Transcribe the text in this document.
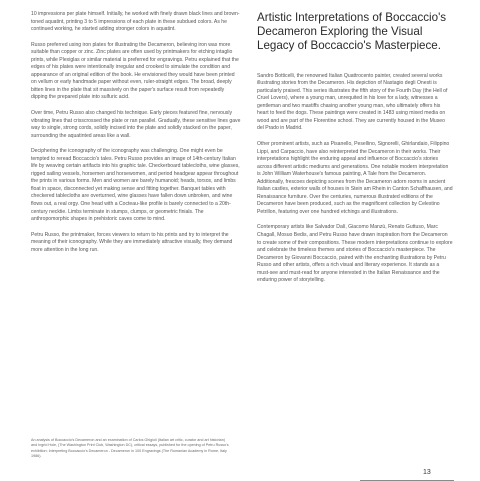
10 impressions per plate himself. Initially, he worked with finely drawn black lines and brown-toned aquatint, printing 3 to 5 impressions of each plate in these subdued colors. As he continued working, he started adding stronger colors in aquatint.

Russo preferred using iron plates for illustrating the Decameron, believing iron was more suitable than copper or zinc. Zinc plates are often used by printmakers for etching intaglio prints, while Plexiglas or similar material is preferred for engravings. Petru explained that the edges of his plates were intentionally irregular and crooked to simulate the condition and appearance of an original edition of the book. He envisioned they would have been printed on vellum or early handmade paper without even, ruler-straight edges. The broad, deeply bitten lines in the plate that sit massively on the paper's surface result from repeatedly dipping the prepared plate into sulfuric acid.

Over time, Petru Russo also changed his technique. Early pieces featured fine, nervously vibrating lines that crisscrossed the plate or ran parallel. Gradually, these sensitive lines gave way to single, strong cords, solidly incised into the plate and solidly stacked on the paper, surrounding the aquatinted areas like a wall.

Deciphering the iconography of the iconography was challenging. One might even be tempted to reread Boccaccio's tales. Petru Russo provides an image of 14th-century Italian life by weaving certain artifacts into his graphic tale. Checkerboard tablecloths, wine glasses, rigged sailing vessels, horsemen and horsewomen, and period headgear appear throughout the prints in various forms. Men and women are barely humanoid; heads, torsos, and limbs float in space, disconnected yet making sense and fitting together. Banquet tables with checkered tablecloths are overturned, wine glasses have fallen down unbroken, and wine flows out, a real orgy. One head with a Cocteau-like profile is barely connected to a 20th-century necktie. Limbs terminate in stumps, clumps, or geometric finials. The anthropomorphic shapes in prehistoric caves come to mind.

Petru Russo, the printmaker, forces viewers to return to his prints and try to interpret the meaning of their iconography. While they are immediately attractive visually, they demand more attention in the long run.

An analysis of Boccaccio's Decameron and an examination of Carlos Ghigioli (Italian art critic, curator and art historian) and Ingrid Hole, (The Washington Print Club, Washington DC), critical essays, published for the opening of Petru Russo's exhibition: Interpreting Boccaccio's Decameron - Decameron in 100 Engravings (The Romanian Academy in Rome, Italy 1986).

Artistic Interpretations of Boccaccio's Decameron Exploring the Visual Legacy of Boccaccio's Masterpiece.

Sandro Botticelli, the renowned Italian Quattrocento painter, created several works illustrating stories from the Decameron. His depiction of Nastagio degli Onesti is particularly praised. This series illustrates the fifth story of the Fourth Day (the Hell of Cruel Lovers), where a young man, unrequited in his love for a lady, witnesses a gentleman and two mastiffs chasing another young man, who ultimately offers his heart to feed the dogs. These paintings were created in 1483 using mixed media on wood and are part of the Florentine school. They are currently housed in the Museo del Prado in Madrid.

Other prominent artists, such as Pisanello, Pesellino, Signorelli, Ghirlandaio, Filippino Lippi, and Carpaccio, have also reinterpreted the Decameron in their works. Their interpretations highlight the enduring appeal and influence of Boccaccio's stories across different artistic mediums and generations. One notable modern interpretation is John William Waterhouse's famous painting, A Tale from the Decameron. Additionally, frescoes depicting scenes from the Decameron adorn rooms in ancient Italian castles, exterior walls of houses in Stein am Rhein in Canton Schaffhausen, and Renaissance furniture. Over the centuries, numerous illustrated editions of the Decameron have been produced, such as the magnificent collection by Celestino Petrillon, featuring over one hundred etchings and illustrations.

Contemporary artists like Salvador Dalí, Giacomo Manzù, Renato Guttuso, Marc Chagall, Mosuo Bedis, and Petru Russo have drawn inspiration from the Decameron to create some of their compositions. These modern interpretations continue to explore and celebrate the timeless themes and stories of Boccaccio's masterpiece. The Decameron by Giovanni Boccaccio, paired with the enchanting illustrations by Petru Russo and other artists, offers a rich visual and literary experience. It stands as a must-see and must-read for anyone interested in the Italian Renaissance and the enduring power of storytelling.

13
